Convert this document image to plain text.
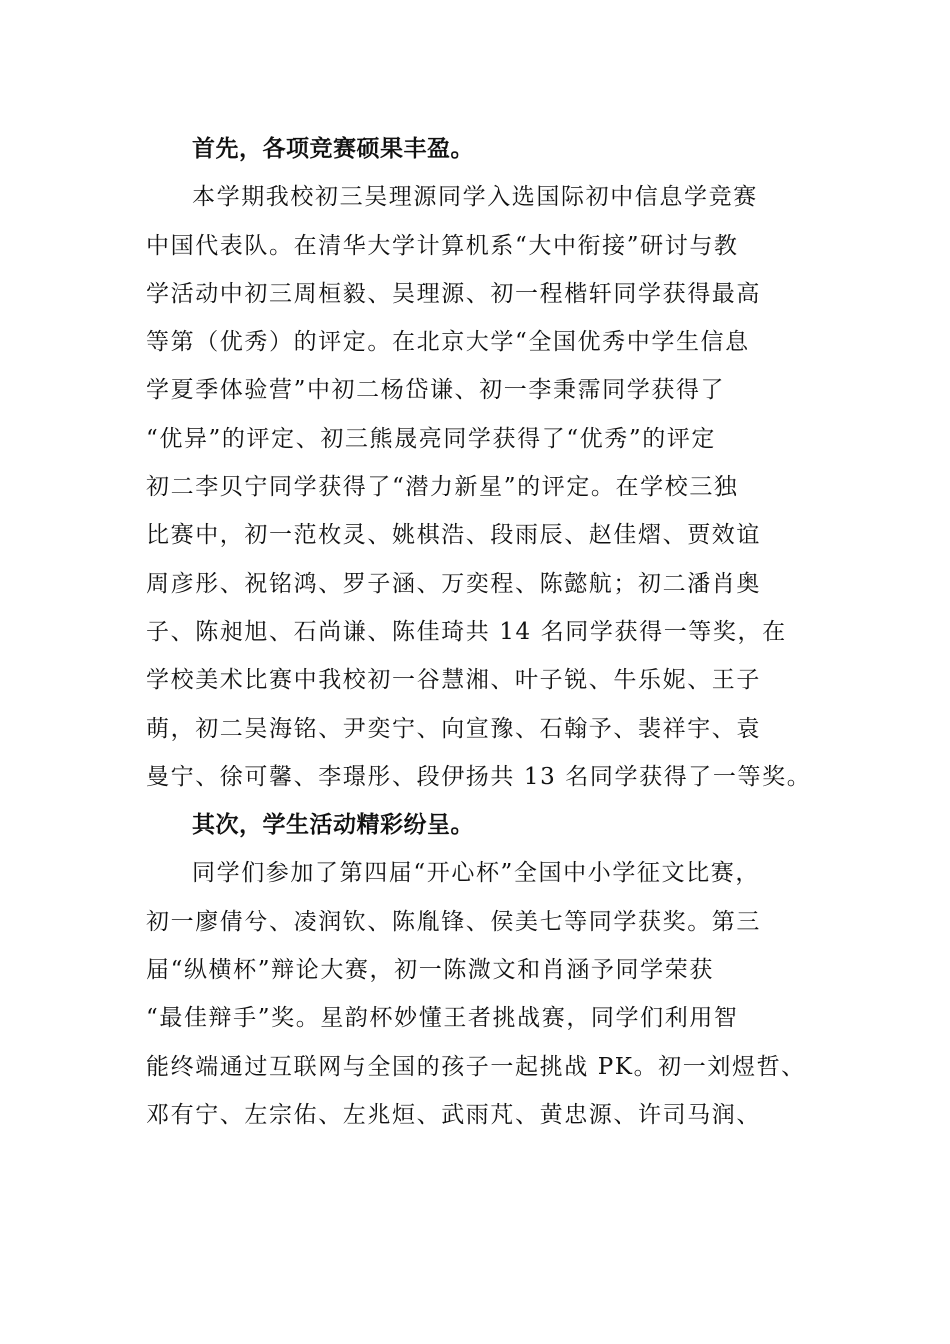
首先，各项竞赛硕果丰盈。
本学期我校初三吴理源同学入选国际初中信息学竞赛
中国代表队。在清华大学计算机系“大中衔接”研讨与教
学活动中初三周桓毅、吴理源、初一程楷轩同学获得最高
等第（优秀）的评定。在北京大学“全国优秀中学生信息
学夏季体验营”中初二杨岱谦、初一李秉霈同学获得了
“优异”的评定、初三熊晟亮同学获得了“优秀”的评定
初二李贝宁同学获得了“潜力新星”的评定。在学校三独
比赛中，初一范枚灵、姚棋浩、段雨辰、赵佳熠、贾效谊
周彦彤、祝铭鸿、罗子涵、万奕程、陈懿航；初二潘肖奥
子、陈昶旭、石尚谦、陈佳琦共 14 名同学获得一等奖，在
学校美术比赛中我校初一谷慧湘、叶子锐、牛乐妮、王子
萌，初二吴海铭、尹奕宁、向宣豫、石翰予、裴祥宇、袁
曼宁、徐可馨、李璟彤、段伊扬共 13 名同学获得了一等奖。
其次，学生活动精彩纷呈。
同学们参加了第四届“开心杯”全国中小学征文比赛，
初一廖倩兮、凌润钦、陈胤锋、侯美七等同学获奖。第三
届“纵横杯”辩论大赛，初一陈溦文和肖涵予同学荣获
“最佳辩手”奖。星韵杯妙懂王者挑战赛，同学们利用智
能终端通过互联网与全国的孩子一起挑战 PK。初一刘煜哲、
邓有宁、左宗佑、左兆烜、武雨芃、黄忠源、许司马润、
